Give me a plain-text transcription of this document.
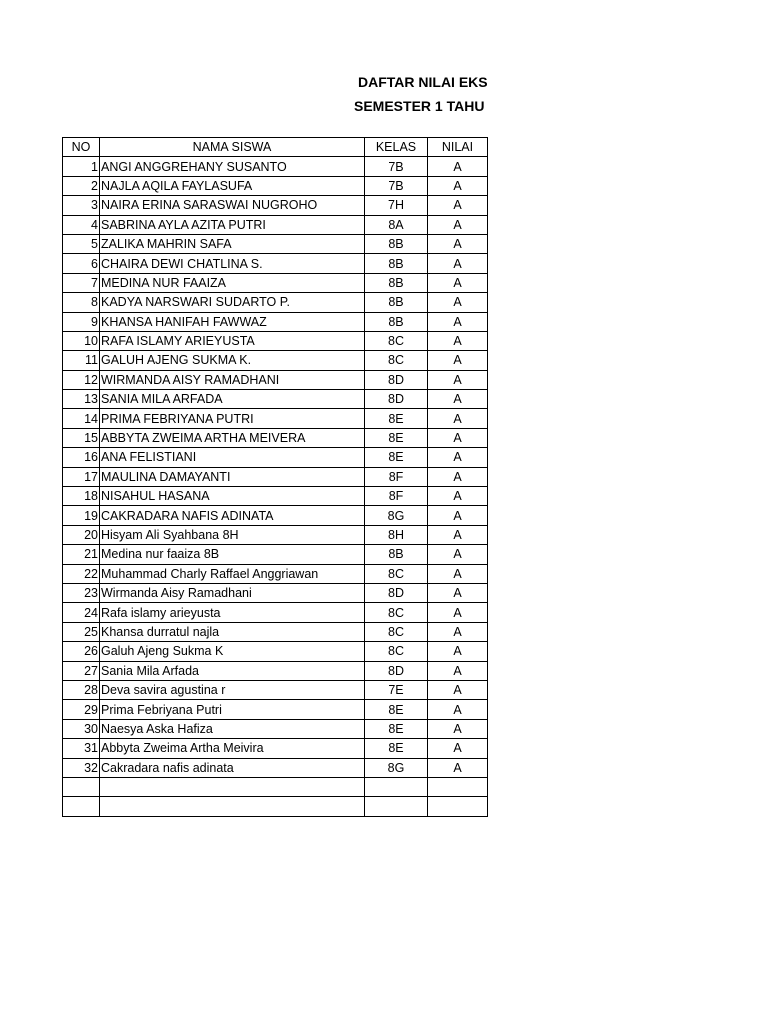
DAFTAR NILAI EKS
SEMESTER 1 TAHU
NO	NAMA SISWA	KELAS	NILAI
1	ANGI ANGGREHANY SUSANTO	7B	A
2	NAJLA AQILA FAYLASUFA	7B	A
3	NAIRA ERINA SARASWAI NUGROHO	7H	A
4	SABRINA AYLA AZITA PUTRI	8A	A
5	ZALIKA MAHRIN SAFA	8B	A
6	CHAIRA DEWI CHATLINA S.	8B	A
7	MEDINA NUR FAAIZA	8B	A
8	KADYA NARSWARI SUDARTO P.	8B	A
9	KHANSA HANIFAH FAWWAZ	8B	A
10	RAFA ISLAMY ARIEYUSTA	8C	A
11	GALUH AJENG SUKMA K.	8C	A
12	WIRMANDA AISY RAMADHANI	8D	A
13	SANIA MILA ARFADA	8D	A
14	PRIMA FEBRIYANA PUTRI	8E	A
15	ABBYTA ZWEIMA ARTHA MEIVERA	8E	A
16	ANA FELISTIANI	8E	A
17	MAULINA DAMAYANTI	8F	A
18	NISAHUL HASANA	8F	A
19	CAKRADARA NAFIS ADINATA	8G	A
20	Hisyam Ali Syahbana 8H	8H	A
21	Medina nur faaiza 8B	8B	A
22	Muhammad Charly Raffael Anggriawan	8C	A
23	Wirmanda Aisy Ramadhani	8D	A
24	Rafa islamy arieyusta	8C	A
25	Khansa durratul najla	8C	A
26	Galuh Ajeng Sukma K	8C	A
27	Sania Mila Arfada	8D	A
28	Deva savira agustina r	7E	A
29	Prima Febriyana Putri	8E	A
30	Naesya Aska Hafiza	8E	A
31	Abbyta Zweima Artha Meivira	8E	A
32	Cakradara nafis adinata	8G	A
